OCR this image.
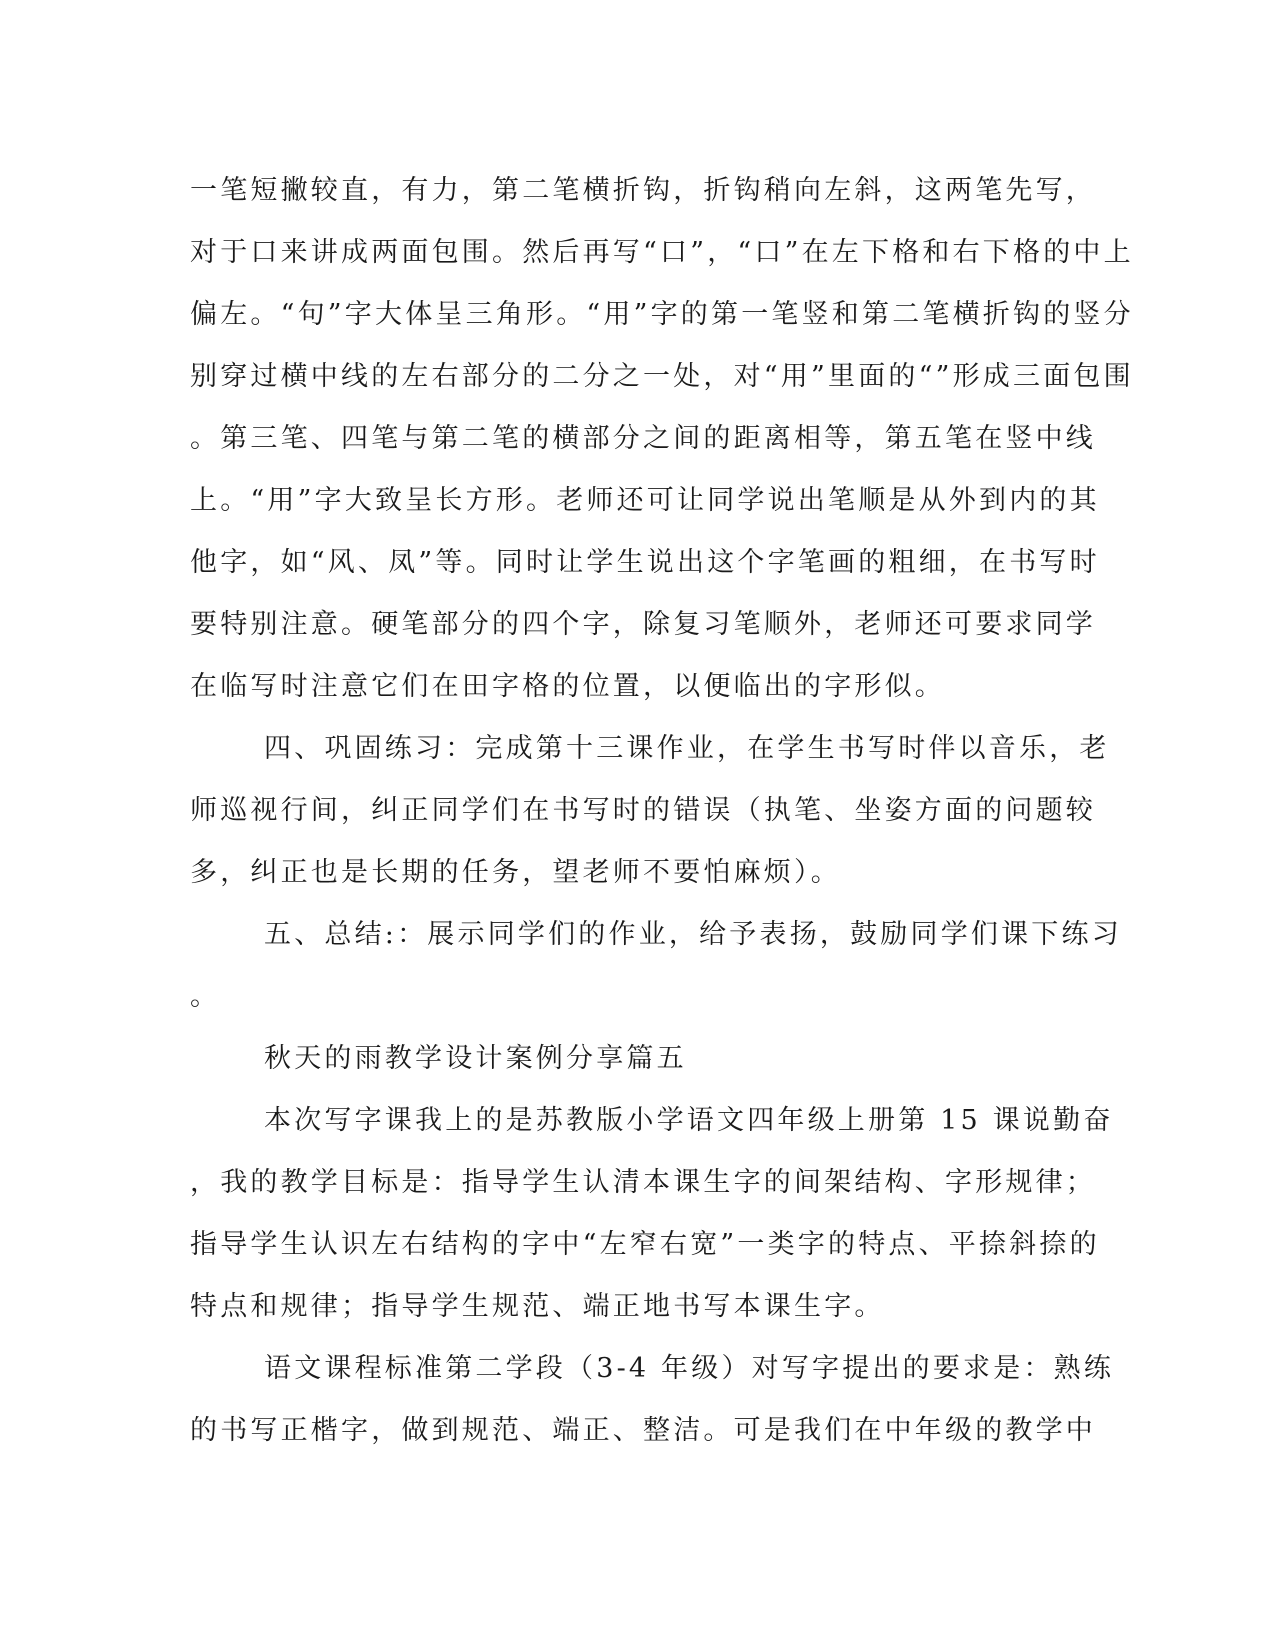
一笔短撇较直，有力，第二笔横折钩，折钩稍向左斜，这两笔先写，
对于口来讲成两面包围。然后再写“口”，“口”在左下格和右下格的中上
偏左。“句”字大体呈三角形。“用”字的第一笔竖和第二笔横折钩的竖分
别穿过横中线的左右部分的二分之一处，对“用”里面的“”形成三面包围
。第三笔、四笔与第二笔的横部分之间的距离相等，第五笔在竖中线
上。“用”字大致呈长方形。老师还可让同学说出笔顺是从外到内的其
他字，如“风、凤”等。同时让学生说出这个字笔画的粗细，在书写时
要特别注意。硬笔部分的四个字，除复习笔顺外，老师还可要求同学
在临写时注意它们在田字格的位置，以便临出的字形似。
四、巩固练习：完成第十三课作业，在学生书写时伴以音乐，老
师巡视行间，纠正同学们在书写时的错误（执笔、坐姿方面的问题较
多，纠正也是长期的任务，望老师不要怕麻烦）。
五、总结:：展示同学们的作业，给予表扬，鼓励同学们课下练习
。
秋天的雨教学设计案例分享篇五
本次写字课我上的是苏教版小学语文四年级上册第 15 课说勤奋
，我的教学目标是：指导学生认清本课生字的间架结构、字形规律；
指导学生认识左右结构的字中“左窄右宽”一类字的特点、平捺斜捺的
特点和规律；指导学生规范、端正地书写本课生字。
语文课程标准第二学段（3-4 年级）对写字提出的要求是：熟练
的书写正楷字，做到规范、端正、整洁。可是我们在中年级的教学中
